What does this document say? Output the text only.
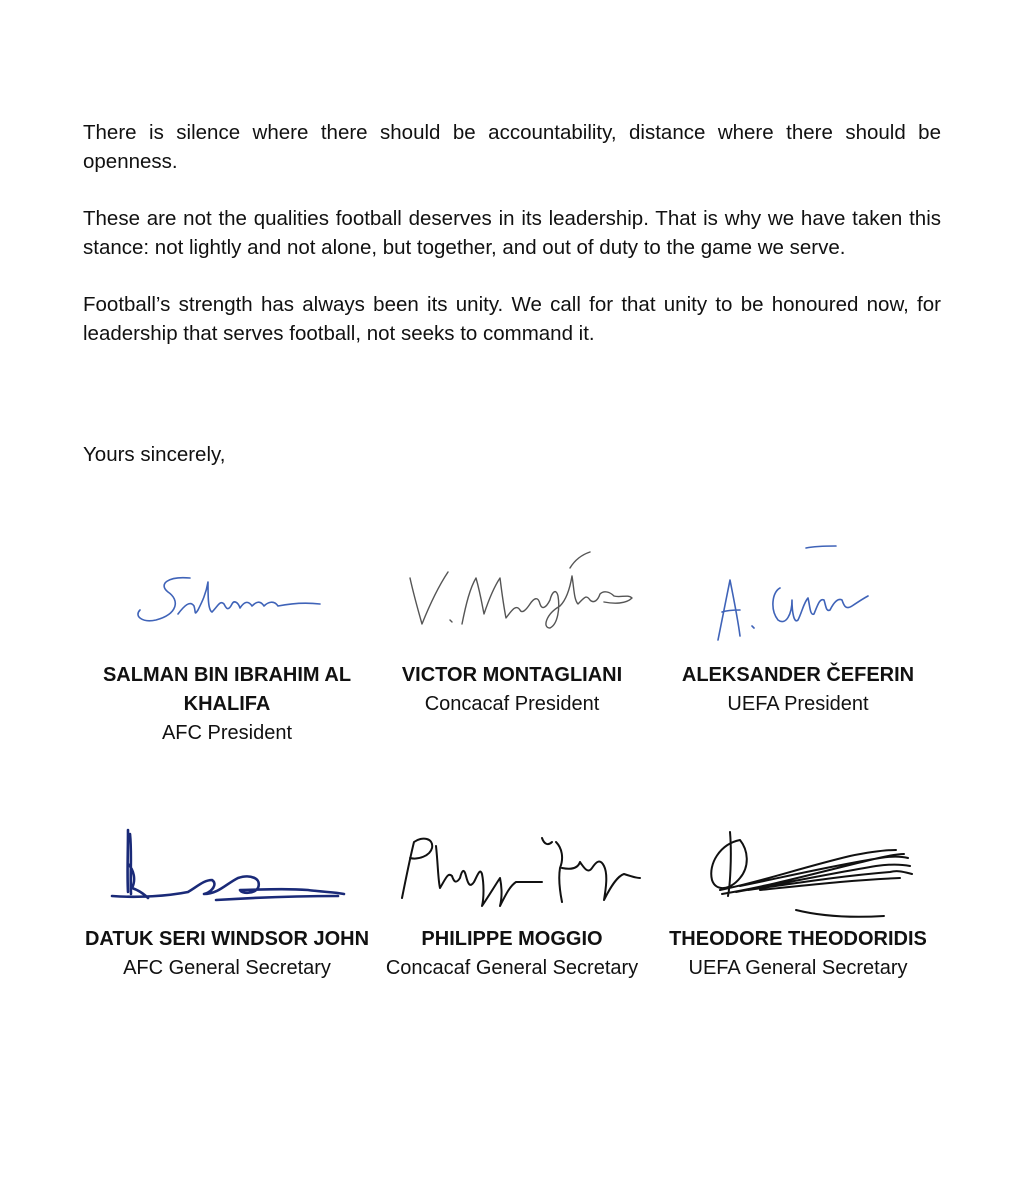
There is silence where there should be accountability, distance where there should be openness.

These are not the qualities football deserves in its leadership. That is why we have taken this stance: not lightly and not alone, but together, and out of duty to the game we serve.

Football’s strength has always been its unity. We call for that unity to be honoured now, for leadership that serves football, not seeks to command it.

Yours sincerely,
SALMAN BIN IBRAHIM AL KHALIFA
AFC President
VICTOR MONTAGLIANI
Concacaf President
ALEKSANDER ČEFERIN
UEFA President
DATUK SERI WINDSOR JOHN
AFC General Secretary
PHILIPPE MOGGIO
Concacaf General Secretary
THEODORE THEODORIDIS
UEFA General Secretary
